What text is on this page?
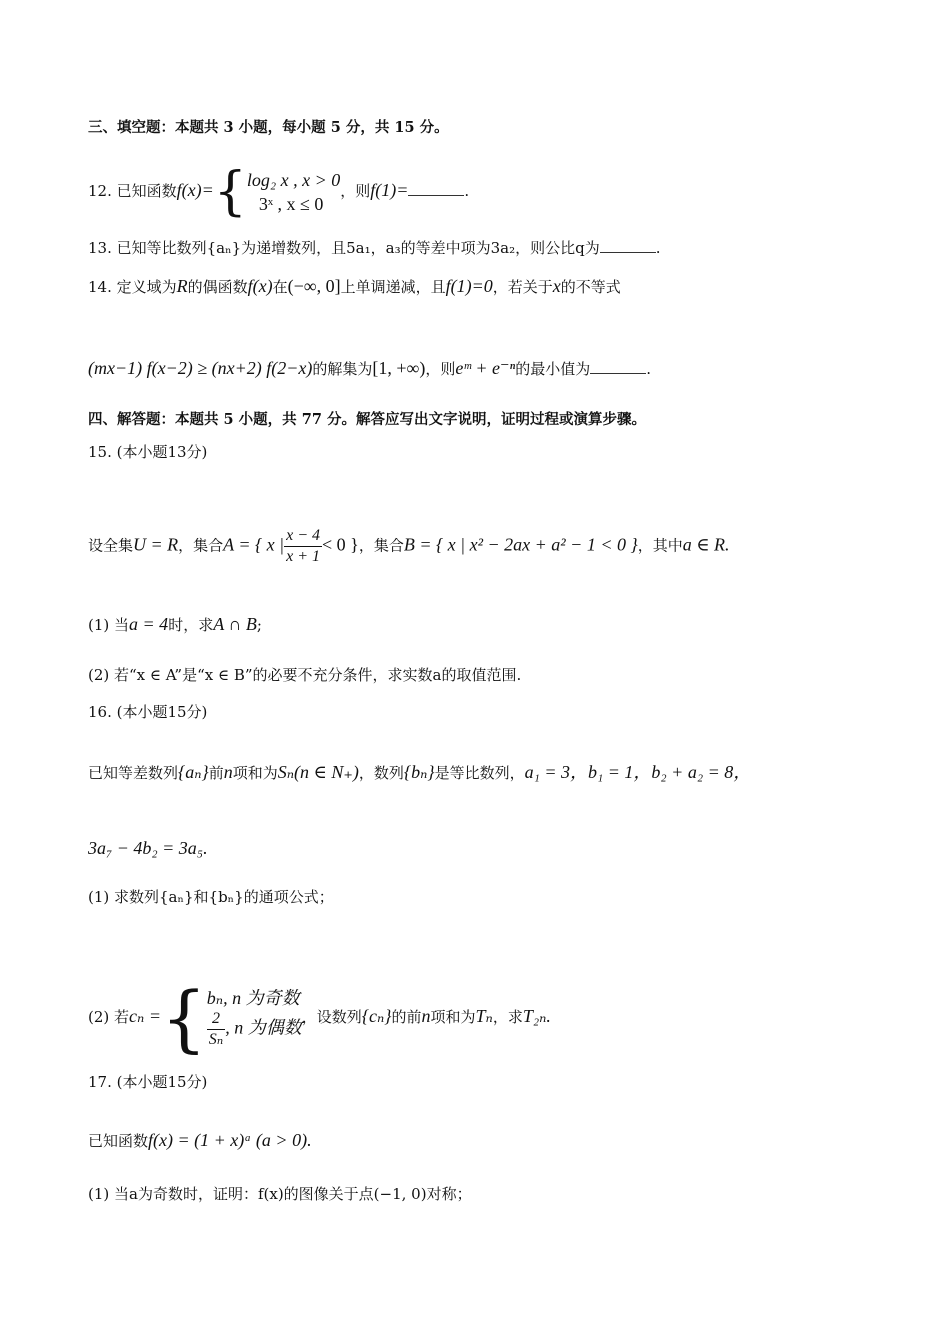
三、填空题：本题共 3 小题，每小题 5 分，共 15 分。
12. 已知函数f(x)={ log₂ x , x > 0
3ˣ , x ≤ 0
，则f(1)=	.
13. 已知等比数列{aₙ}为递增数列，且5a₁，a₃的等差中项为3a₂，则公比q为	.
14. 定义域为R的偶函数f(x)在(−∞, 0]上单调递减，且f(1)=0，若关于x的不等式
(mx−1) f(x−2) ≥ (nx+2) f(2−x)的解集为[1, +∞)，则eᵐ + e⁻ⁿ的最小值为	.
四、解答题：本题共 5 小题，共 77 分。解答应写出文字说明，证明过程或演算步骤。
15. (本小题13分)
设全集U = R，集合A = { x | $\frac{x - 4}{x + 1} < 0$ }，集合B = { x | x² − 2ax + a² − 1 < 0 }，其中a ∈ R.
(1) 当a = 4时，求A ∩ B;
(2) 若“x ∈ A”是“x ∈ B”的必要不充分条件，求实数a的取值范围.
16. (本小题15分)
已知等差数列{aₙ}前n项和为Sₙ(n ∈ N₊)，数列{bₙ}是等比数列，a₁ = 3，b₁ = 1，b₂ + a₂ = 8，
3a₇ − 4b₂ = 3a₅.
(1) 求数列{aₙ}和{bₙ}的通项公式；
(2) 若cₙ ={ bₙ, n 为奇数
$\frac{2}{\text{Sₙ}}$ , n 为偶数 ，设数列{cₙ}的前n项和为Tₙ，求T₂ₙ.
17. (本小题15分)
已知函数f(x) = (1 + x)ᵃ (a > 0).
(1) 当a为奇数时，证明：f(x)的图像关于点(−1, 0)对称；
